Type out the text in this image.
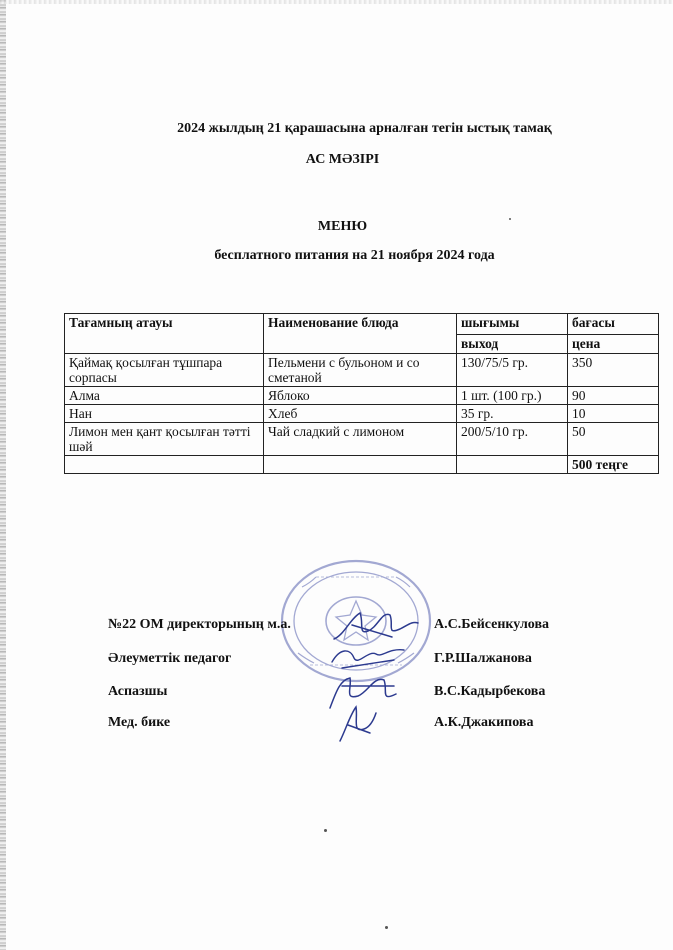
2024 жылдың 21 қарашасына арналған тегін ыстық тамақ
АС МӘЗІРІ
МЕНЮ
бесплатного питания на 21 ноября 2024 года
Тағамның атауы	Наименование блюда	шығымы	бағасы
		выход	цена
Қаймақ қосылған тұшпара сорпасы	Пельмени с бульоном и со сметаной	130/75/5 гр.	350
Алма	Яблоко	1 шт. (100 гр.)	90
Нан	Хлеб	35 гр.	10
Лимон мен қант қосылған тәтті шәй	Чай сладкий с лимоном	200/5/10 гр.	50
			500 теңге
№22 ОМ директорының м.а.	А.С.Бейсенкулова
Әлеуметтік педагог	Г.Р.Шалжанова
Аспазшы	В.С.Кадырбекова
Мед. бике	А.К.Джакипова
